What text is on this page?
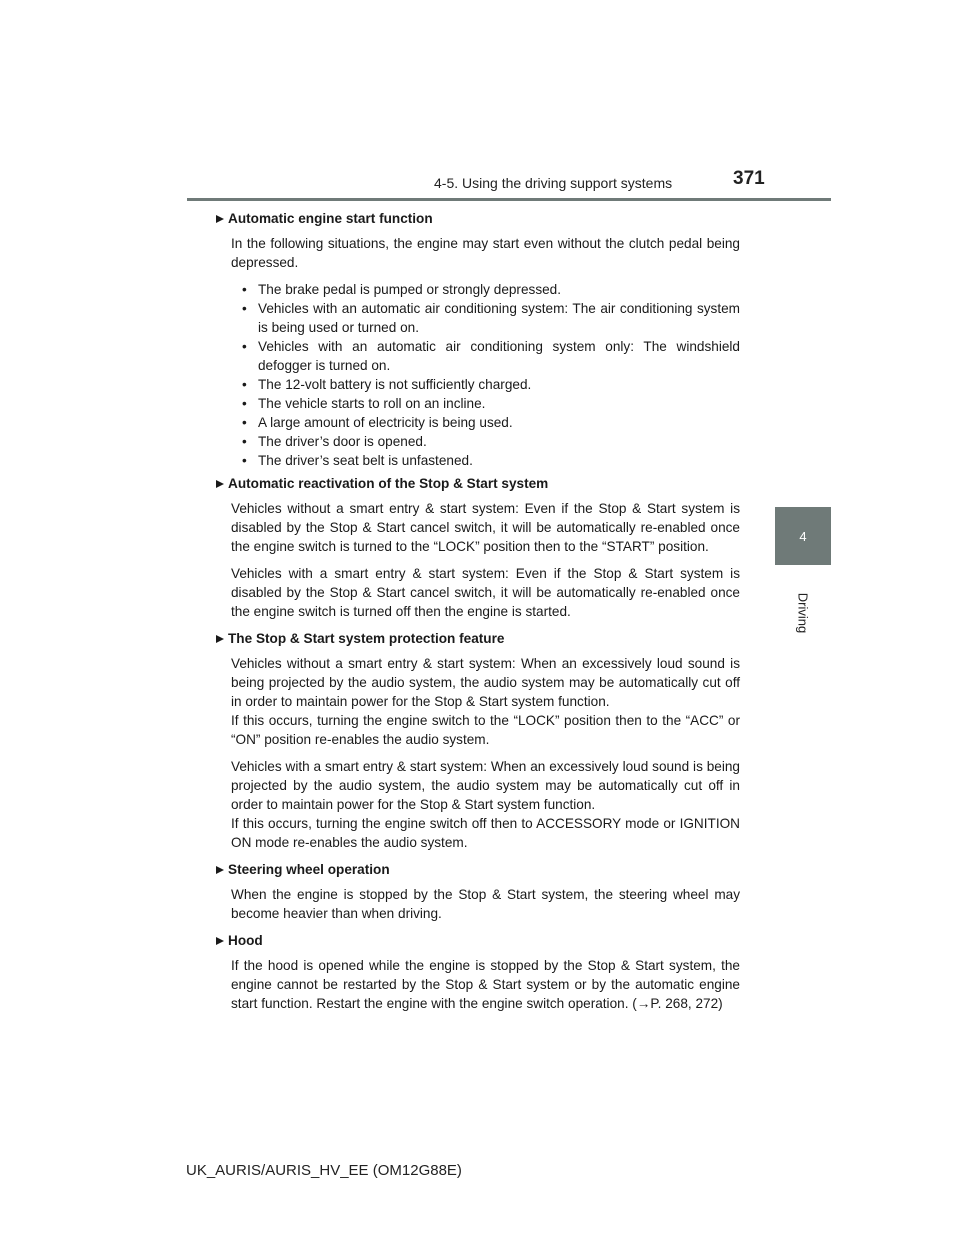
4-5. Using the driving support systems	371
4
Driving
Automatic engine start function

In the following situations, the engine may start even without the clutch pedal being depressed.

• The brake pedal is pumped or strongly depressed.
• Vehicles with an automatic air conditioning system: The air conditioning system is being used or turned on.
• Vehicles with an automatic air conditioning system only: The windshield defogger is turned on.
• The 12-volt battery is not sufficiently charged.
• The vehicle starts to roll on an incline.
• A large amount of electricity is being used.
• The driver’s door is opened.
• The driver’s seat belt is unfastened.
Automatic reactivation of the Stop & Start system

Vehicles without a smart entry & start system: Even if the Stop & Start system is disabled by the Stop & Start cancel switch, it will be automatically re-enabled once the engine switch is turned to the “LOCK” position then to the “START” position.

Vehicles with a smart entry & start system: Even if the Stop & Start system is disabled by the Stop & Start cancel switch, it will be automatically re-enabled once the engine switch is turned off then the engine is started.

The Stop & Start system protection feature

Vehicles without a smart entry & start system: When an excessively loud sound is being projected by the audio system, the audio system may be automatically cut off in order to maintain power for the Stop & Start system function.

If this occurs, turning the engine switch to the “LOCK” position then to the “ACC” or “ON” position re-enables the audio system.

Vehicles with a smart entry & start system: When an excessively loud sound is being projected by the audio system, the audio system may be automatically cut off in order to maintain power for the Stop & Start system function.

If this occurs, turning the engine switch off then to ACCESSORY mode or IGNITION ON mode re-enables the audio system.

Steering wheel operation

When the engine is stopped by the Stop & Start system, the steering wheel may become heavier than when driving.

Hood

If the hood is opened while the engine is stopped by the Stop & Start system, the engine cannot be restarted by the Stop & Start system or by the automatic engine start function. Restart the engine with the engine switch operation. (→P. 268, 272)

UK_AURIS/AURIS_HV_EE (OM12G88E)
